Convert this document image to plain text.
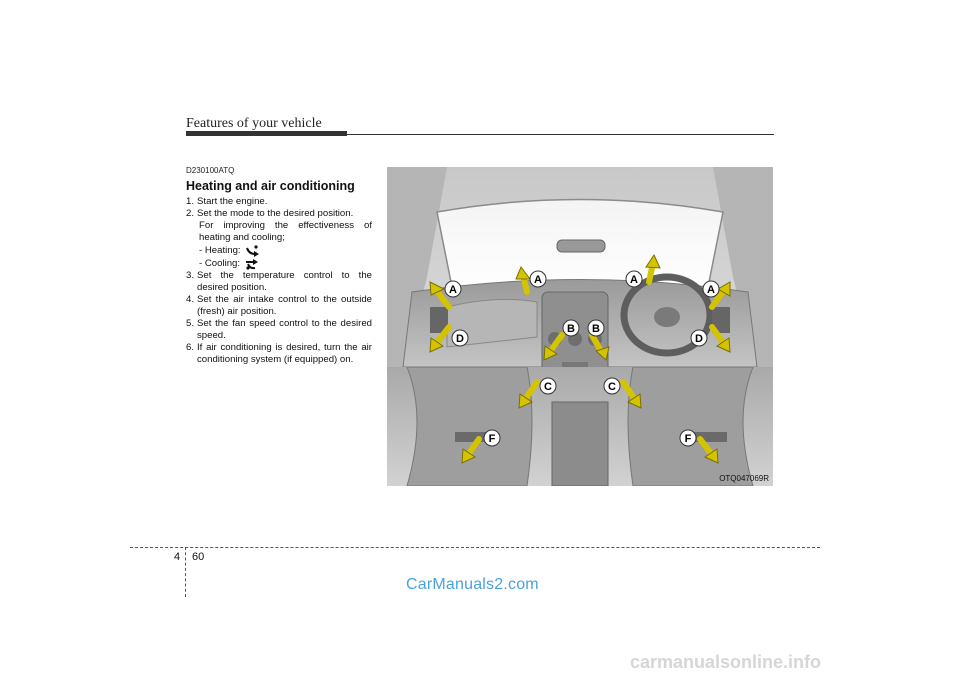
Features of your vehicle
D230100ATQ
Heating and air conditioning
1. Start the engine.
2. Set the mode to the desired position.
For improving the effectiveness of heating and cooling;
- Heating:
- Cooling:
3. Set the temperature control to the desired position.
4. Set the air intake control to the outside (fresh) air position.
5. Set the fan speed control to the desired speed.
6. If air conditioning is desired, turn the air conditioning system (if equipped) on.
A
A	A
A
B B
C	C
D	D
F	F
OTQ047069R
4 60
CarManuals2.com
carmanualsonline.info
